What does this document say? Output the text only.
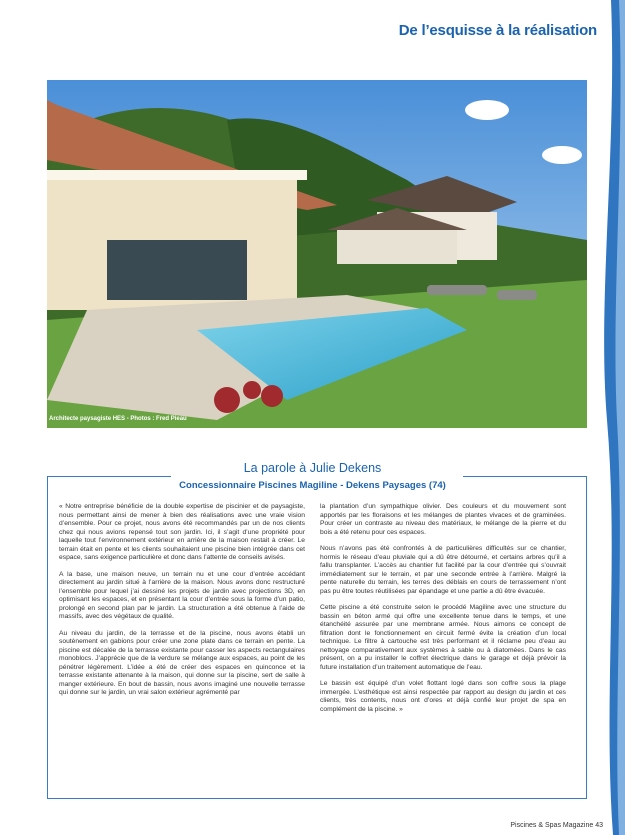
De l’esquisse à la réalisation
Architecte paysagiste HES - Photos : Fred Pieau
La parole à Julie Dekens
Concessionnaire Piscines Magiline - Dekens Paysages (74)

« Notre entreprise bénéficie de la double expertise de piscinier et de paysagiste, nous permettant ainsi de mener à bien des réalisations avec une vraie vision d’ensemble. Pour ce projet, nous avons été recommandés par un de nos clients chez qui nous avions repensé tout son jardin. Ici, il s’agit d’une propriété pour laquelle tout l’environnement extérieur en arrière de la maison restait à créer. Le terrain était en pente et les clients souhaitaient une piscine bien intégrée dans cet espace, sans exigence particulière et donc dans l’attente de conseils avisés.

A la base, une maison neuve, un terrain nu et une cour d’entrée accédant directement au jardin situé à l’arrière de la maison. Nous avons donc restructuré l’ensemble pour lequel j’ai dessiné les projets de jardin avec projections 3D, en optimisant les espaces, et en présentant la cour d’entrée sous la forme d’un patio, prolongé en second plan par le jardin. La structuration a été obtenue à l’aide de massifs, avec des végétaux de qualité.

Au niveau du jardin, de la terrasse et de la piscine, nous avons établi un soutènement en gabions pour créer une zone plate dans ce terrain en pente. La piscine est décalée de la terrasse existante pour casser les aspects rectangulaires monoblocs. J’apprécie que de la verdure se mélange aux espaces, au point de les pénétrer légèrement. L’idée a été de créer des espaces en quinconce et la terrasse existante attenante à la maison, qui donne sur la piscine, sert de salle à manger extérieure. En bout de bassin, nous avons imaginé une nouvelle terrasse qui donne sur le jardin, un vrai salon extérieur agrémenté par

la plantation d’un sympathique olivier. Des couleurs et du mouvement sont apportés par les floraisons et les mélanges de plantes vivaces et de graminées. Pour créer un contraste au niveau des matériaux, le mélange de la pierre et du bois a été retenu pour ces espaces.

Nous n’avons pas été confrontés à de particulières difficultés sur ce chantier, hormis le réseau d’eau pluviale qui a dû être détourné, et certains arbres qu’il a fallu transplanter. L’accès au chantier fut facilité par la cour d’entrée qui s’ouvrait immédiatement sur le terrain, et par une seconde entrée à l’arrière. Malgré la pente naturelle du terrain, les terres des déblais en cours de terrassement n’ont pas pu être toutes réutilisées par épandage et une partie a dû être évacuée.

Cette piscine a été construite selon le procédé Magiline avec une structure du bassin en béton armé qui offre une excellente tenue dans le temps, et une étanchéité assurée par une membrane armée. Nous aimons ce concept de filtration dont le fonctionnement en circuit fermé évite la création d’un local technique. Le filtre à cartouche est très performant et il réclame peu d’eau au nettoyage comparativement aux systèmes à sable ou à diatomées. Dans le cas présent, on a pu installer le coffret électrique dans le garage et déjà prévoir la future installation d’un traitement automatique de l’eau.

Le bassin est équipé d’un volet flottant logé dans son coffre sous la plage immergée. L’esthétique est ainsi respectée par rapport au design du jardin et ces clients, très contents, nous ont d’ores et déjà confié leur projet de spa en complément de la piscine. »

Piscines & Spas Magazine 43
